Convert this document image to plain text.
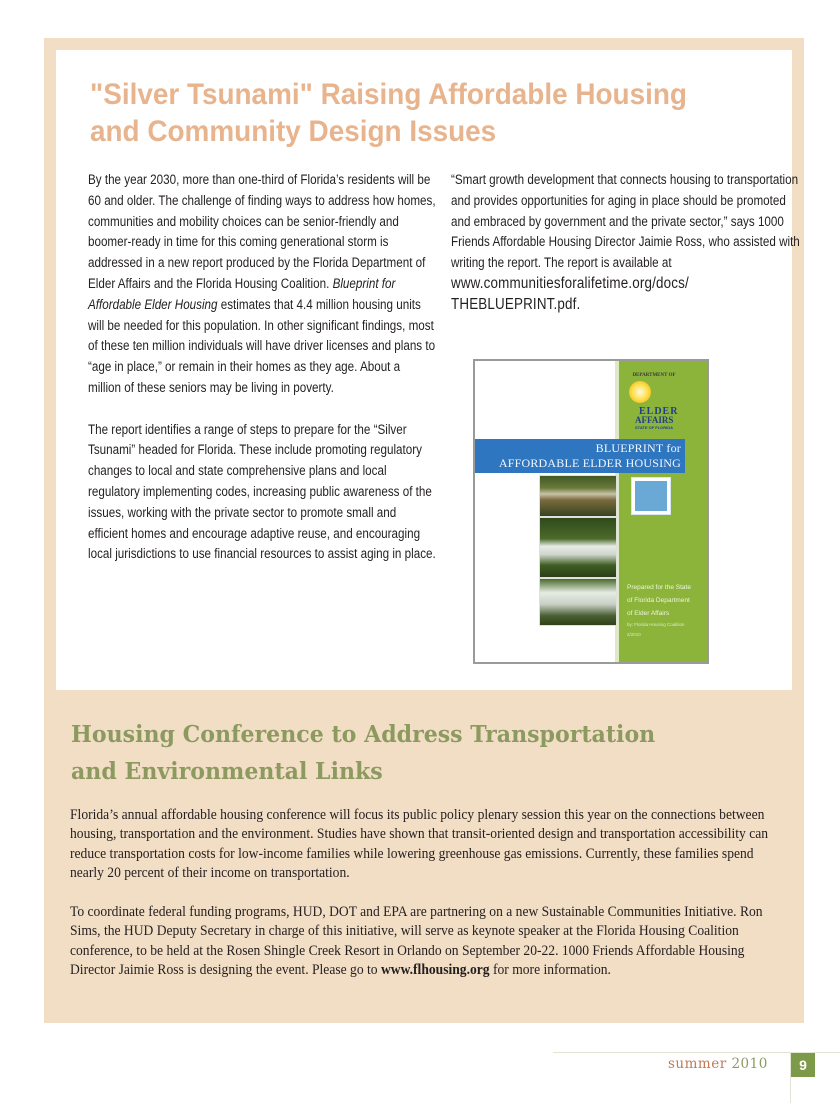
"Silver Tsunami" Raising Affordable Housing
and Community Design Issues

By the year 2030, more than one-third of Florida’s residents will be 60 and older. The challenge of finding ways to address how homes, communities and mobility choices can be senior-friendly and boomer-ready in time for this coming generational storm is addressed in a new report produced by the Florida Department of Elder Affairs and the Florida Housing Coalition. Blueprint for Affordable Elder Housing estimates that 4.4 million housing units will be needed for this population. In other significant findings, most of these ten million individuals will have driver licenses and plans to “age in place,” or remain in their homes as they age. About a million of these seniors may be living in poverty.

The report identifies a range of steps to prepare for the “Silver Tsunami” headed for Florida. These include promoting regulatory changes to local and state comprehensive plans and local regulatory implementing codes, increasing public awareness of the issues, working with the private sector to promote small and efficient homes and encourage adaptive reuse, and encouraging local jurisdictions to use financial resources to assist aging in place.

“Smart growth development that connects housing to transportation and provides opportunities for aging in place should be promoted and embraced by government and the private sector,” says 1000 Friends Affordable Housing Director Jaimie Ross, who assisted with writing the report. The report is available at
www.communitiesforalifetime.org/docs/
THEBLUEPRINT.pdf.

DEPARTMENT OF
ELDER
AFFAIRS
STATE OF FLORIDA
BLUEPRINT for
AFFORDABLE ELDER HOUSING
Prepared for the State
of Florida Department
of Elder Affairs
by: Florida Housing Coalition
2/2010
Housing Conference to Address Transportation
and Environmental Links

Florida’s annual affordable housing conference will focus its public policy plenary session this year on the connections between housing, transportation and the environment. Studies have shown that transit-oriented design and transportation accessibility can reduce transportation costs for low-income families while lowering greenhouse gas emissions. Currently, these families spend nearly 20 percent of their income on transportation.

To coordinate federal funding programs, HUD, DOT and EPA are partnering on a new Sustainable Communities Initiative. Ron Sims, the HUD Deputy Secretary in charge of this initiative, will serve as keynote speaker at the Florida Housing Coalition conference, to be held at the Rosen Shingle Creek Resort in Orlando on September 20-22. 1000 Friends Affordable Housing Director Jaimie Ross is designing the event. Please go to www.flhousing.org for more information.

summer 2010	9
